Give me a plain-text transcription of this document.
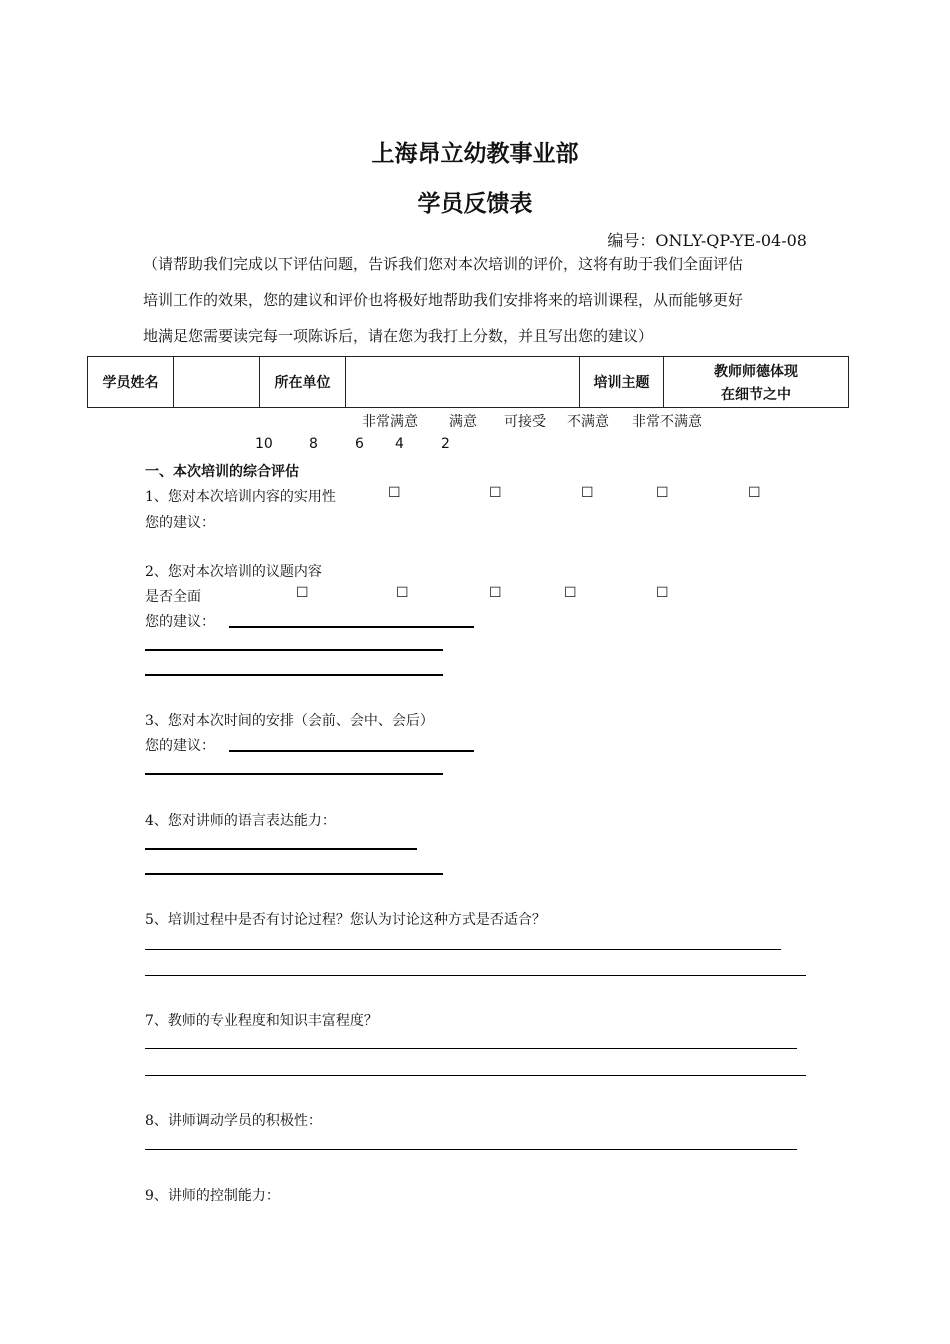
上海昂立幼教事业部
学员反馈表
编号：ONLY-QP-YE-04-08
（请帮助我们完成以下评估问题，告诉我们您对本次培训的评价，这将有助于我们全面评估
培训工作的效果，您的建议和评价也将极好地帮助我们安排将来的培训课程，从而能够更好
地满足您需要读完每一项陈诉后，请在您为我打上分数，并且写出您的建议）
学员姓名		所在单位		培训主题	
教师师德体现
在细节之中
非常满意 满意 可接受 不满意 非常不满意
10	8	6 4	2
一、本次培训的综合评估
1、您对本次培训内容的实用性	☐	☐	☐	☐	☐
您的建议：
2、您对本次培训的议题内容
是否全面	☐	☐	☐	☐	☐
您的建议：
3、您对本次时间的安排（会前、会中、会后）
您的建议：
4、您对讲师的语言表达能力：
5、培训过程中是否有讨论过程？您认为讨论这种方式是否适合？
7、教师的专业程度和知识丰富程度？
8、讲师调动学员的积极性：
9、讲师的控制能力：
